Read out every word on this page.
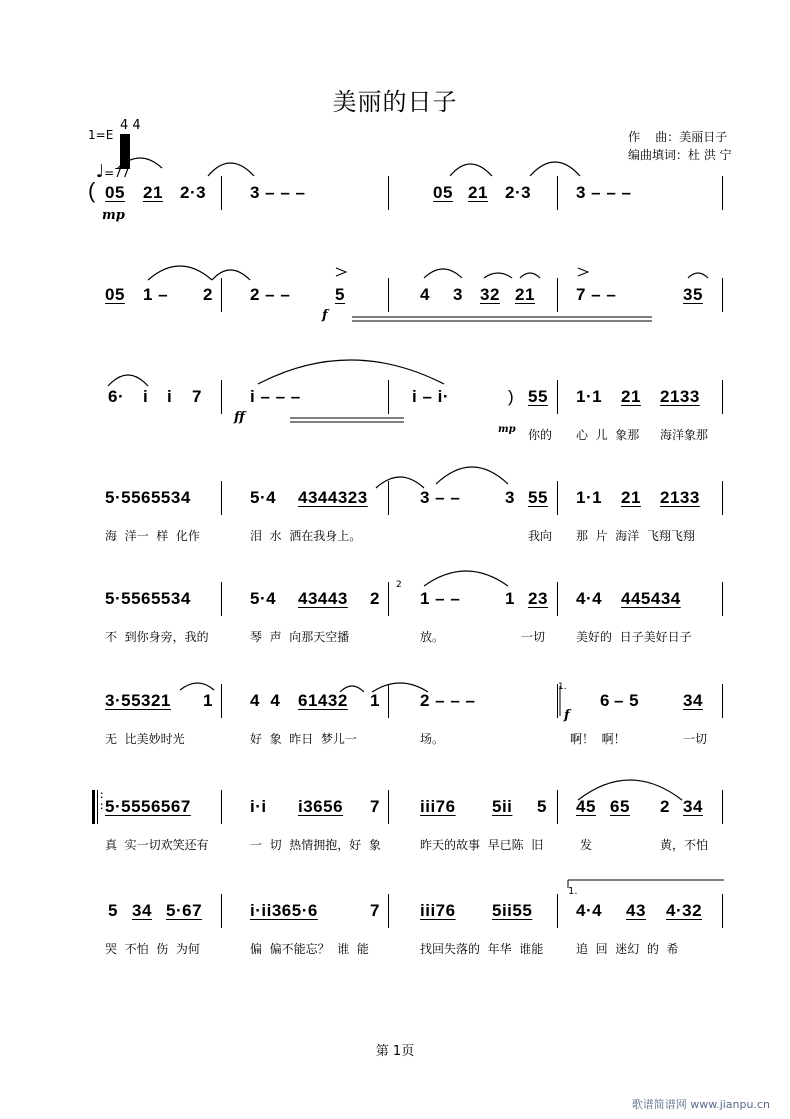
美丽的日子
1=E
4 4

♩=77

作    曲：美丽日子
编曲填词：杜 洪 宁
( 05 21 2·3	3 – – –	05 21 2·3	3 – – –
mp
05 1 – 2 2 – –	5	4 3 32 21 7 – –	35
f
6· i i 7	i – – –	i – i·	) 55 1·1 21 2133
ff
mp 你的 心  儿  象那 海洋象那
5·5565534	5·4 4344323	3 – –	3 55 1·1 21 2133
海  洋一  样  化作	泪  水  洒在我身上。	我向 那  片  海洋  飞翔飞翔
5·5565534	5·4 43443 2
2
1 – –	1 23 4·4 445434
不  到你身旁，我的	琴  声  向那天空播	放。	一切	美好的  日子美好日子
3·55321 1 4  4 61432 1 2 – – –
1.
6 – 5	34
f
无  比美妙时光	好  象  昨日  梦儿一	场。	啊！  啊！	一切
:
: 5·5556567	i·i i3656 7 iii76 5ii 5 45 65 2 34
真  实一切欢笑还有	一  切  热情拥抱，好  象	昨天的故事  早已陈  旧	发	黄，不怕
5 34 5·67	i·ii365·6	7 iii76 5ii55
1.
4·4 43 4·32
哭  不怕  伤  为何	偏  偏不能忘？  谁  能	找回失落的  年华  谁能	追  回  迷幻  的  希
第 1页
歌谱简谱网 www.jianpu.cn
